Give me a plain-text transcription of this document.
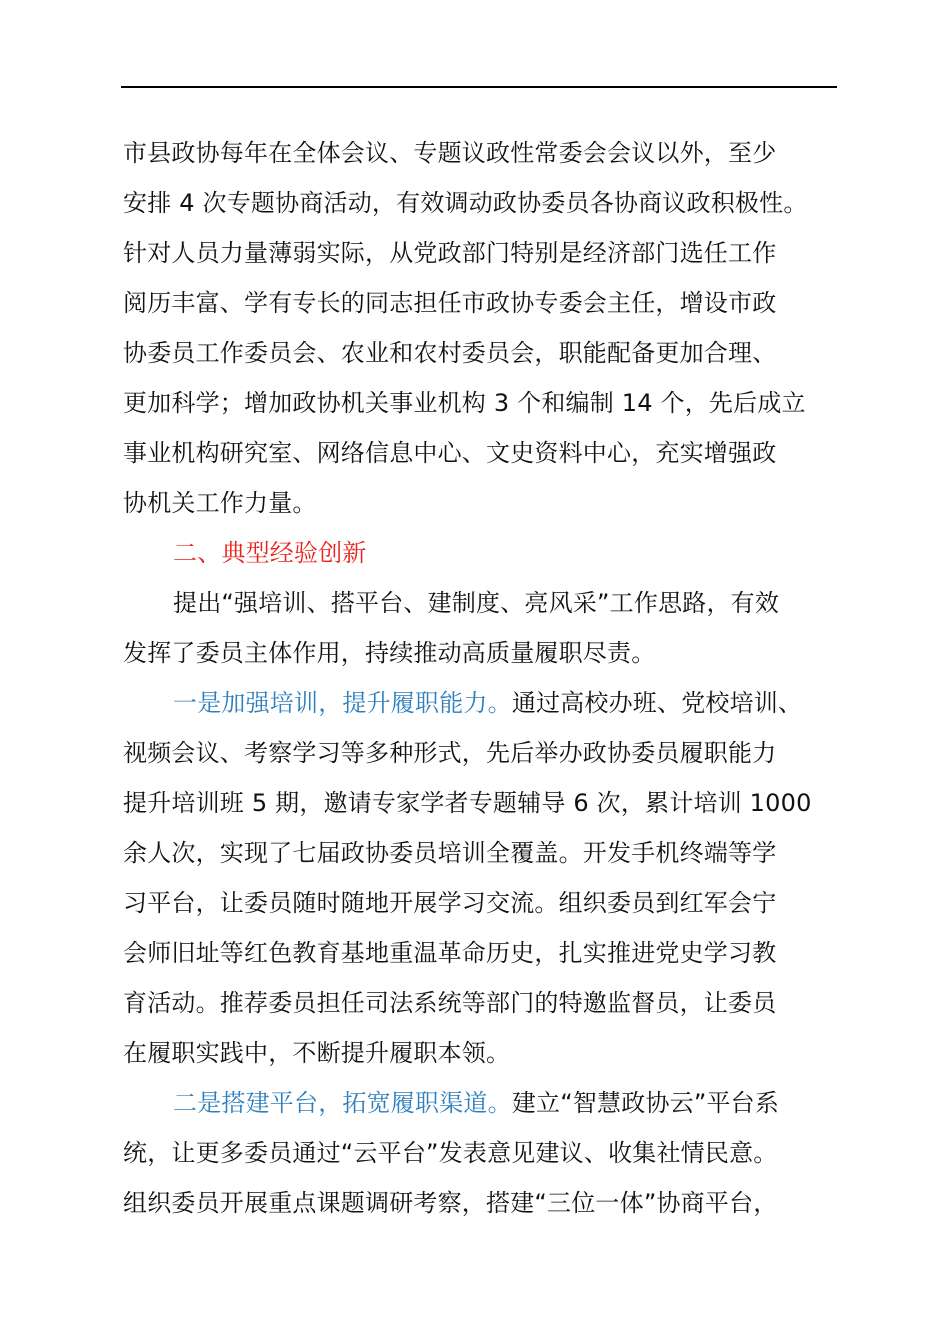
市县政协每年在全体会议、专题议政性常委会会议以外，至少
安排 4 次专题协商活动，有效调动政协委员各协商议政积极性。
针对人员力量薄弱实际，从党政部门特别是经济部门选任工作
阅历丰富、学有专长的同志担任市政协专委会主任，增设市政
协委员工作委员会、农业和农村委员会，职能配备更加合理、
更加科学；增加政协机关事业机构 3 个和编制 14 个，先后成立
事业机构研究室、网络信息中心、文史资料中心，充实增强政
协机关工作力量。
二、典型经验创新
提出“强培训、搭平台、建制度、亮风采”工作思路，有效
发挥了委员主体作用，持续推动高质量履职尽责。
一是加强培训，提升履职能力。通过高校办班、党校培训、
视频会议、考察学习等多种形式，先后举办政协委员履职能力
提升培训班 5 期，邀请专家学者专题辅导 6 次，累计培训 1000
余人次，实现了七届政协委员培训全覆盖。开发手机终端等学
习平台，让委员随时随地开展学习交流。组织委员到红军会宁
会师旧址等红色教育基地重温革命历史，扎实推进党史学习教
育活动。推荐委员担任司法系统等部门的特邀监督员，让委员
在履职实践中，不断提升履职本领。
二是搭建平台，拓宽履职渠道。建立“智慧政协云”平台系
统，让更多委员通过“云平台”发表意见建议、收集社情民意。
组织委员开展重点课题调研考察，搭建“三位一体”协商平台，
